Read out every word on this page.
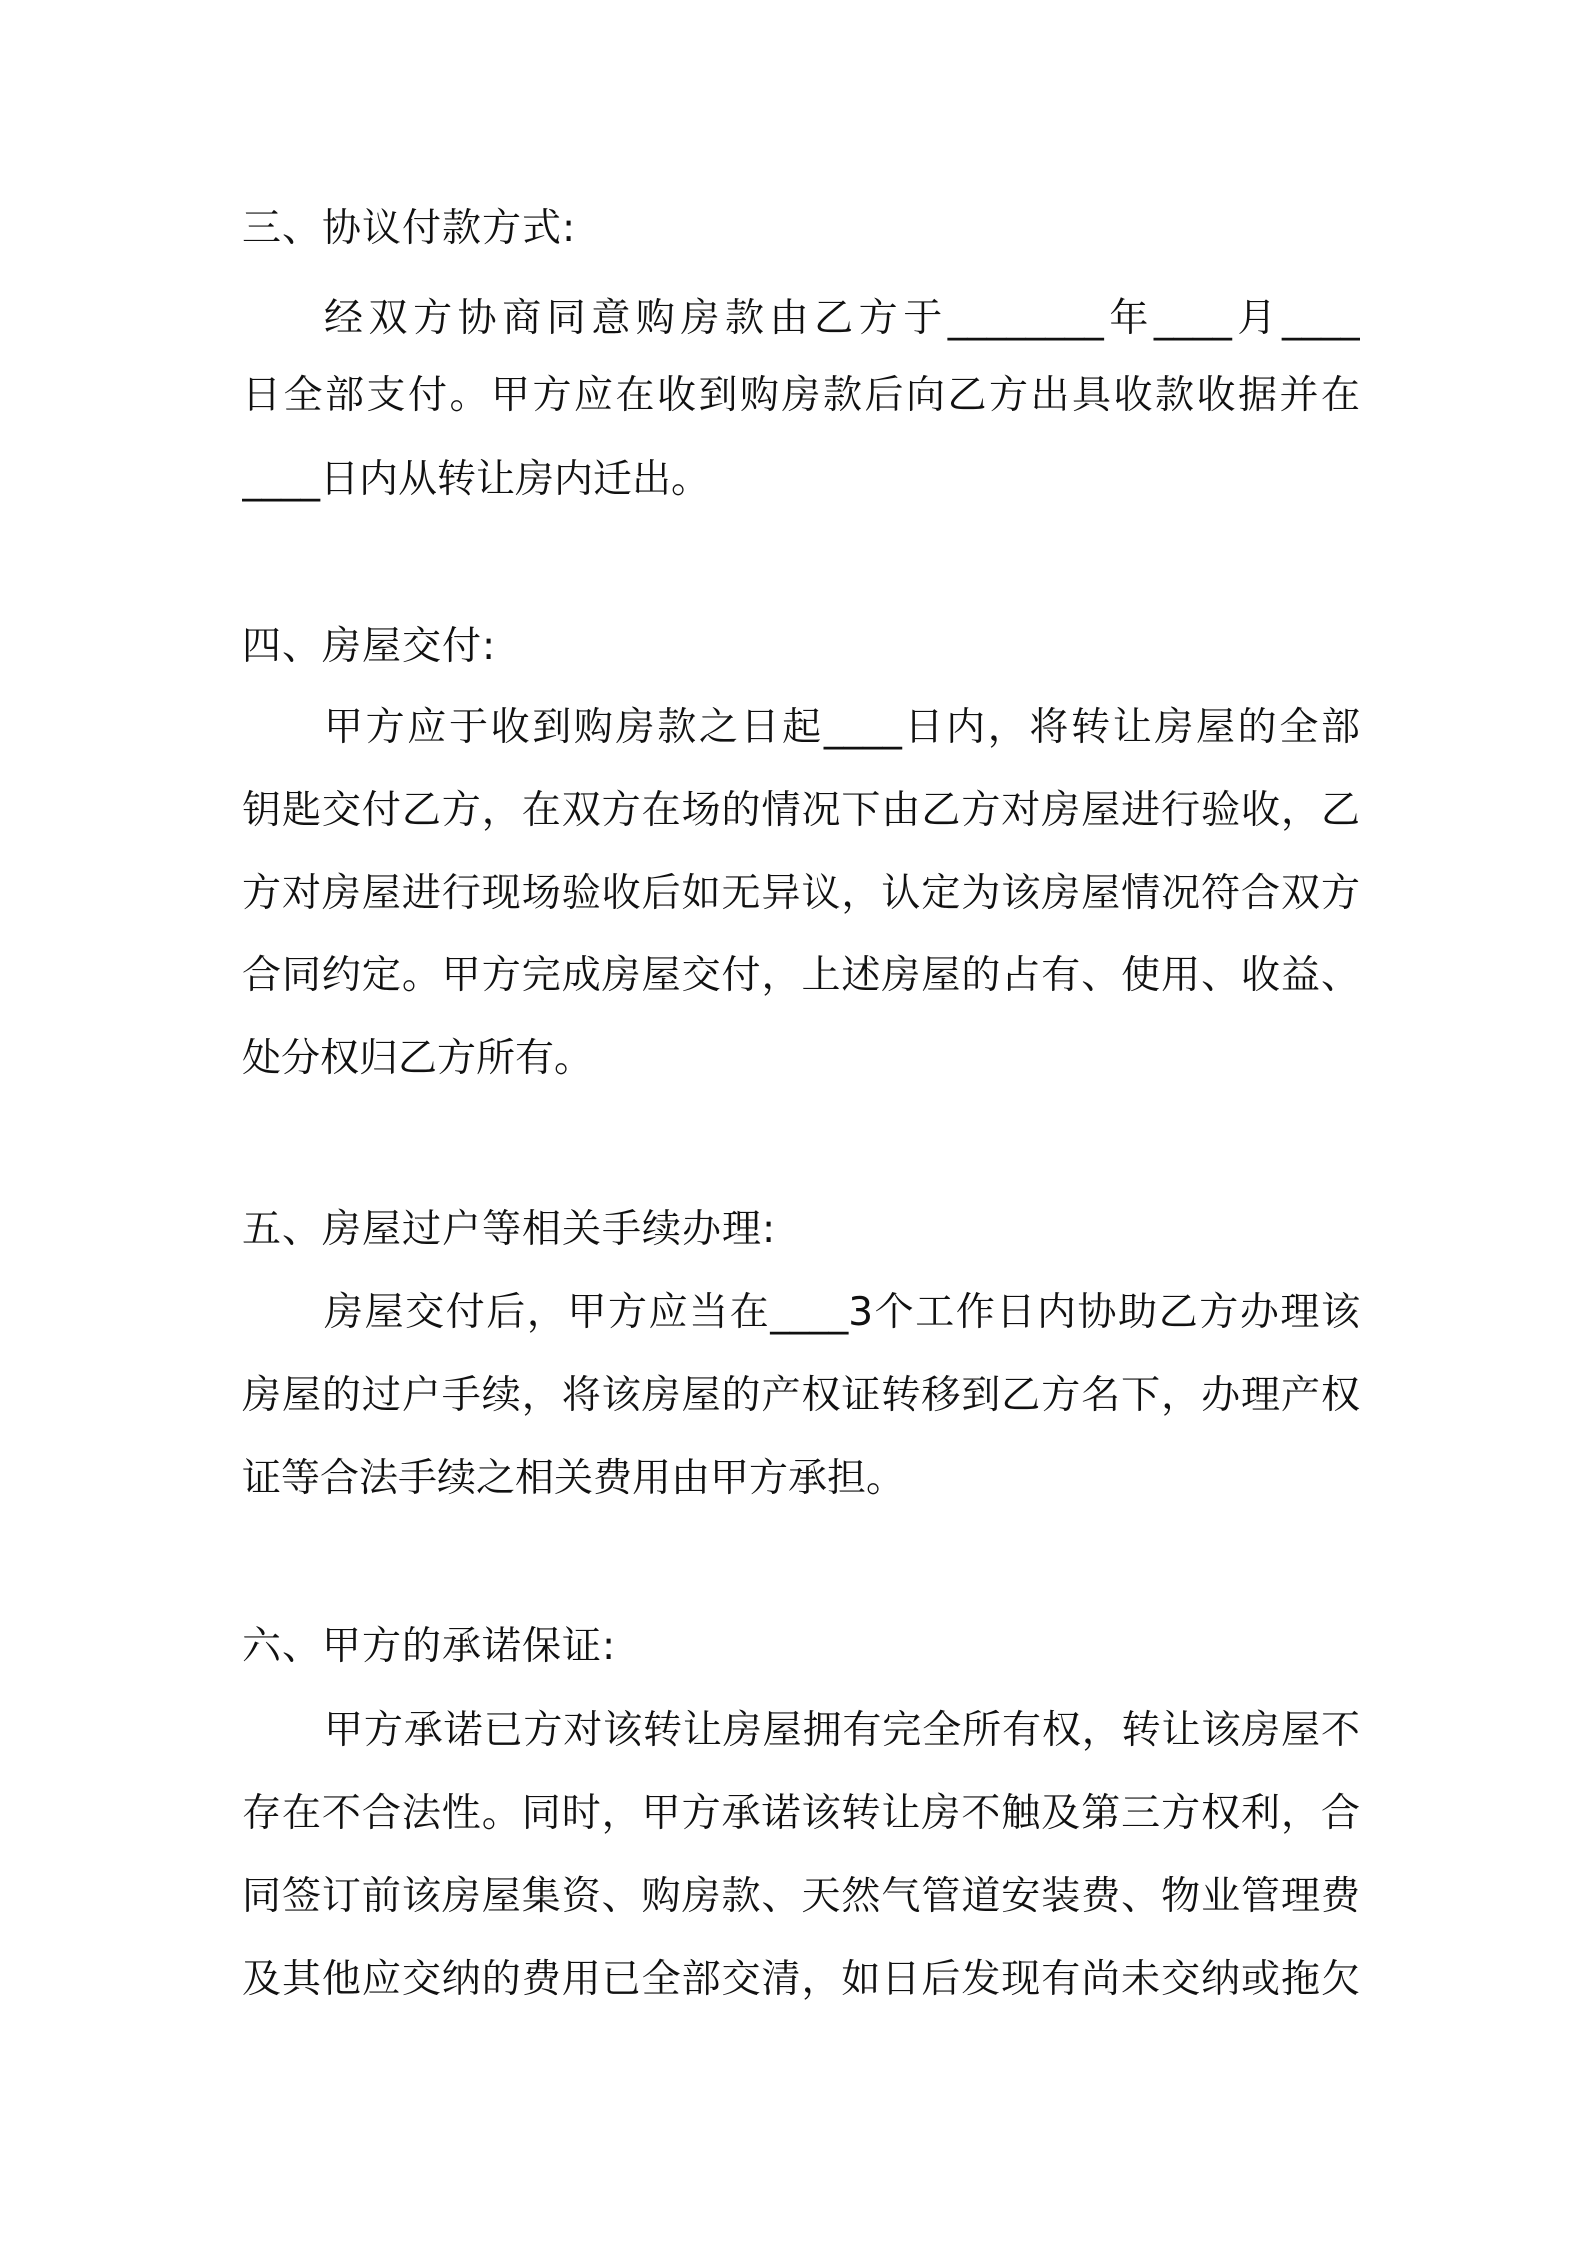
三、协议付款方式:
经双方协商同意购房款由乙方于________年____月____
日全部支付。甲方应在收到购房款后向乙方出具收款收据并在
____日内从转让房内迁出。
四、房屋交付:
甲方应于收到购房款之日起____日内，将转让房屋的全部
钥匙交付乙方，在双方在场的情况下由乙方对房屋进行验收，乙
方对房屋进行现场验收后如无异议，认定为该房屋情况符合双方
合同约定。甲方完成房屋交付，上述房屋的占有、使用、收益、
处分权归乙方所有。
五、房屋过户等相关手续办理:
房屋交付后，甲方应当在____3个工作日内协助乙方办理该
房屋的过户手续，将该房屋的产权证转移到乙方名下，办理产权
证等合法手续之相关费用由甲方承担。
六、甲方的承诺保证:
甲方承诺已方对该转让房屋拥有完全所有权，转让该房屋不
存在不合法性。同时，甲方承诺该转让房不触及第三方权利，合
同签订前该房屋集资、购房款、天然气管道安装费、物业管理费
及其他应交纳的费用已全部交清，如日后发现有尚未交纳或拖欠
